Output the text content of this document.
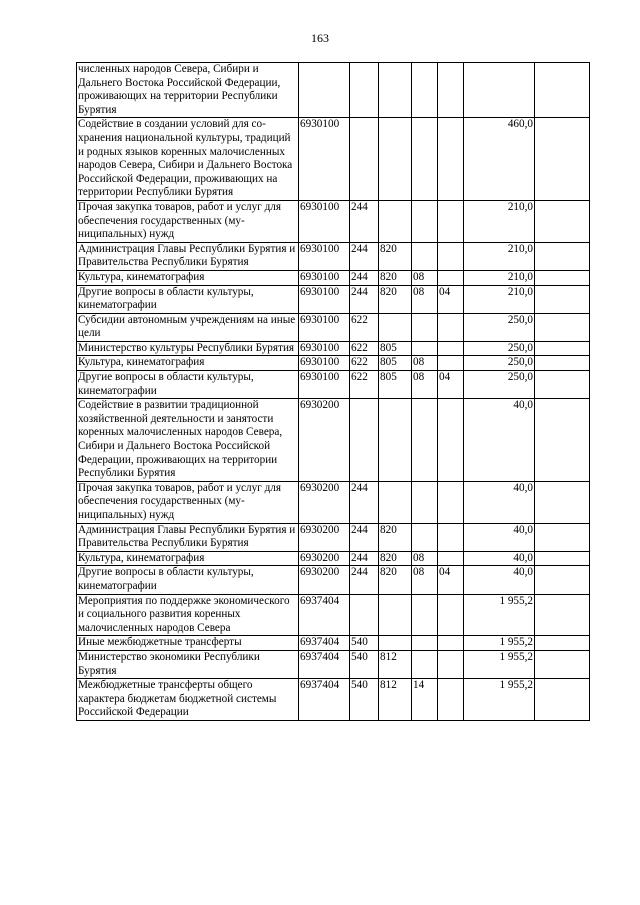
163
численных народов Севера, Сибири и Дальнего Востока Российской Федерации, проживающих на территории Республики Бурятия							
Содействие в создании условий для сохранения национальной культуры, традиций и родных языков коренных малочисленных народов Севера, Сибири и Дальнего Востока Российской Федерации, проживающих на территории Республики Бурятия	6930100					460,0	
Прочая закупка товаров, работ и услуг для обеспечения государственных (муниципальных) нужд	6930100	244				210,0	
Администрация Главы Республики Бурятия и Правительства Республики Бурятия	6930100	244	820			210,0	
Культура, кинематография	6930100	244	820	08		210,0	
Другие вопросы в области культуры, кинематографии	6930100	244	820	08	04	210,0	
Субсидии автономным учреждениям на иные цели	6930100	622				250,0	
Министерство культуры Республики Бурятия	6930100	622	805			250,0	
Культура, кинематография	6930100	622	805	08		250,0	
Другие вопросы в области культуры, кинематографии	6930100	622	805	08	04	250,0	
Содействие в развитии традиционной хозяйственной деятельности и занятости коренных малочисленных народов Севера, Сибири и Дальнего Востока Российской Федерации, проживающих на территории Республики Бурятия	6930200					40,0	
Прочая закупка товаров, работ и услуг для обеспечения государственных (муниципальных) нужд	6930200	244				40,0	
Администрация Главы Республики Бурятия и Правительства Республики Бурятия	6930200	244	820			40,0	
Культура, кинематография	6930200	244	820	08		40,0	
Другие вопросы в области культуры, кинематографии	6930200	244	820	08	04	40,0	
Мероприятия по поддержке экономического и социального развития коренных малочисленных народов Севера	6937404					1 955,2	
Иные межбюджетные трансферты	6937404	540				1 955,2	
Министерство экономики Республики Бурятия	6937404	540	812			1 955,2	
Межбюджетные трансферты общего характера бюджетам бюджетной системы Российской Федерации	6937404	540	812	14		1 955,2	
